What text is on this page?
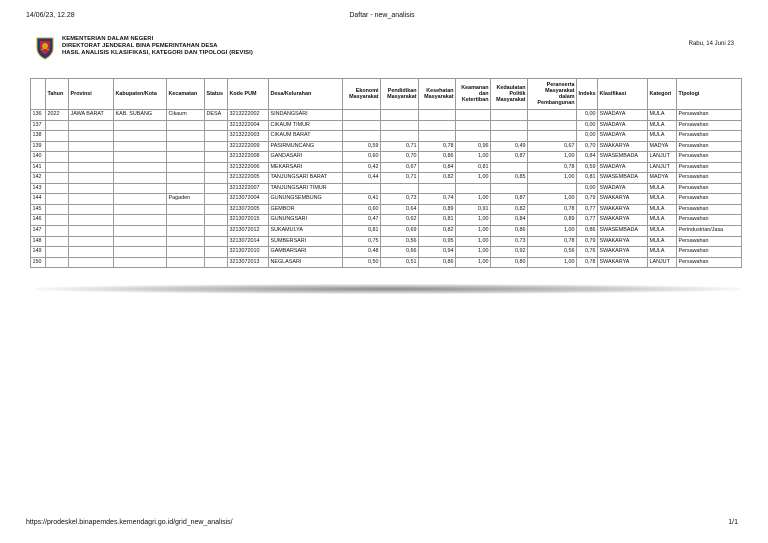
14/06/23, 12.28	Daftar - new_analisis
KEMENTERIAN DALAM NEGERI
DIREKTORAT JENDERAL BINA PEMERINTAHAN DESA
HASIL ANALISIS KLASIFIKASI, KATEGORI DAN TIPOLOGI (REVISI)
Rabu, 14 Juni 23
	Tahun	Provinsi	Kabupaten/Kota	Kecamatan	Status	Kode PUM	Desa/Kelurahan	Ekonomi Masyarakat	Pendidikan Masyarakat	Kesehatan Masyarakat	Keamanan dan Ketertiban	Kedaulatan Politik Masyarakat	Peranserta Masyarakat dalam Pembangunan	Indeks	Klasifikasi	Kategori	Tipologi
136	2022	JAWA BARAT	KAB. SUBANG	Cikaum	DESA	3213222002	SINDANGSARI							0,00	SWADAYA	MULA	Persawahan
137						3213222004	CIKAUM TIMUR							0,00	SWADAYA	MULA	Persawahan
138						3213222003	CIKAUM BARAT							0,00	SWADAYA	MULA	Persawahan
139						3213222009	PASIRMUNCANG	0,59	0,71	0,78	0,96	0,49	0,67	0,70	SWAKARYA	MADYA	Persawahan
140						3213222008	GANDASARI	0,60	0,70	0,86	1,00	0,87	1,00	0,84	SWASEMBADA	LANJUT	Persawahan
141						3213222006	MEKARSARI	0,42	0,67	0,84	0,81		0,78	0,59	SWADAYA	LANJUT	Persawahan
142						3213222005	TANJUNGSARI BARAT	0,44	0,71	0,82	1,00	0,85	1,00	0,81	SWASEMBADA	MADYA	Persawahan
143						3213222007	TANJUNGSARI TIMUR							0,00	SWADAYA	MULA	Persawahan
144				Pagaden		3213072004	GUNUNGSEMBUNG	0,41	0,73	0,74	1,00	0,87	1,00	0,79	SWAKARYA	MULA	Persawahan
145						3213072005	GEMBOR	0,60	0,64	0,89	0,91	0,82	0,78	0,77	SWAKARYA	MULA	Persawahan
146						3213072015	GUNUNGSARI	0,47	0,62	0,81	1,00	0,84	0,89	0,77	SWAKARYA	MULA	Persawahan
147						3213072012	SUKAMULYA	0,81	0,69	0,82	1,00	0,86	1,00	0,86	SWASEMBADA	MULA	Perindustrian/Jasa
148						3213072014	SUMBERSARI	0,75	0,56	0,95	1,00	0,73	0,78	0,79	SWAKARYA	MULA	Persawahan
149						3213072010	GAMBARSARI	0,48	0,66	0,94	1,00	0,92	0,56	0,76	SWAKARYA	MULA	Persawahan
150						3213072013	NEGLASARI	0,50	0,51	0,86	1,00	0,80	1,00	0,78	SWAKARYA	LANJUT	Persawahan
https://prodeskel.binapemdes.kemendagri.go.id/grid_new_analisis/	1/1
